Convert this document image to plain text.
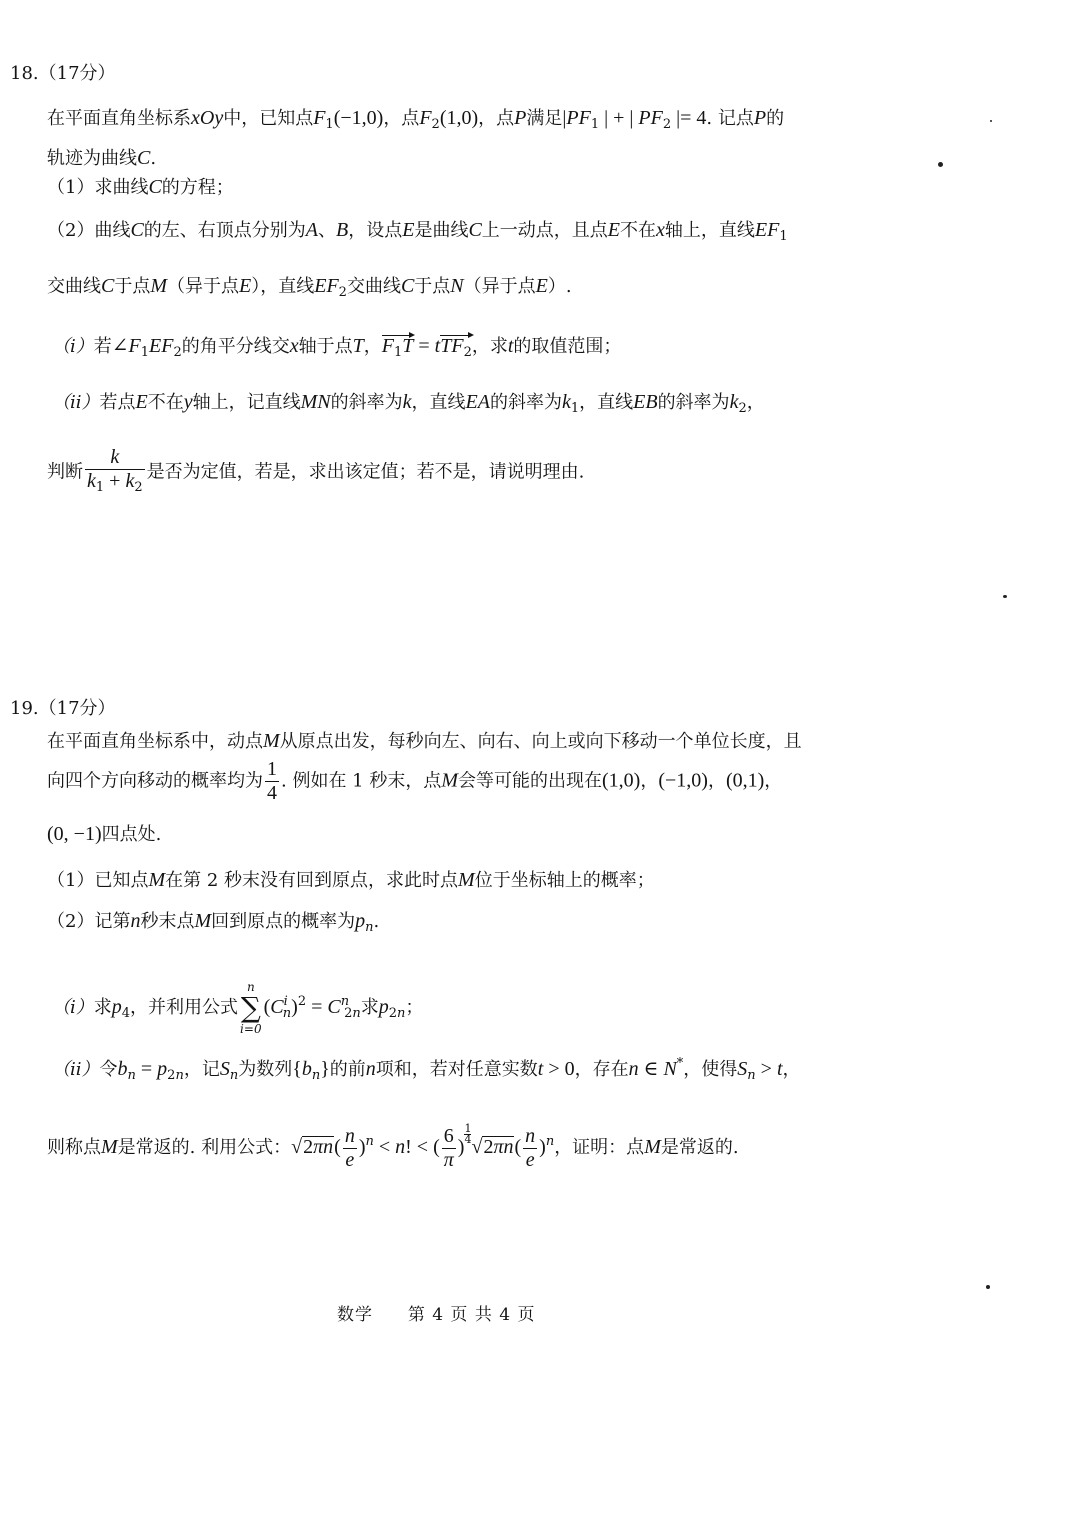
18.（17分）
在平面直角坐标系xOy中，已知点$F_1(-1,0)$，点$F_2(1,0)$，点P满足$|PF_1$ | + | $PF_2$ |= 4. 记点P的
轨迹为曲线C.
（1）求曲线C的方程；
（2）曲线C的左、右顶点分别为A、B，设点E是曲线C上一动点，且点E不在x轴上，直线$EF_1$
交曲线C于点M（异于点E），直线$EF_2$交曲线C于点N（异于点E）.
（i）若$\angle F_1EF_2$的角平分线交x轴于点T，$F_1T = tTF_2$，求t的取值范围；
（ii）若点E不在y轴上，记直线MN的斜率为k，直线EA的斜率为$k_1$，直线EB的斜率为$k_2$，
判断 $\frac{k}{k_1 + k_2}$ 是否为定值，若是，求出该定值；若不是，请说明理由.
19.（17分）
在平面直角坐标系中，动点M从原点出发，每秒向左、向右、向上或向下移动一个单位长度，且
向四个方向移动的概率均为 $\frac{1}{4}$ . 例如在 1 秒末，点M会等可能的出现在(1,0)，(−1,0)，(0,1)，
(0, −1)四点处.
（1）已知点M在第 2 秒末没有回到原点，求此时点M位于坐标轴上的概率；
（2）记第n秒末点M回到原点的概率为$p_n$.
（i）求$p_4$，并利用公式
n
∑
i=0
$(C^i_n)^2 = C^n_{2n}$求$p_{2n}$；
（ii）令$b_n = p_{2n}$，记$S_n$为数列$\{b_n\}$的前n项和，若对任意实数t > 0，存在n ∈ N*，使得$S_n > t$，
则称点M是常返的. 利用公式：$√2\pi n( \frac{n}{e} )^n < n$! < ( $\frac{6}{\pi}$ )
$\frac{1}{4}√2\pi n( \frac{n}{e} )^n$，证明：点M是常返的.
数学 第 4 页 共 4 页
